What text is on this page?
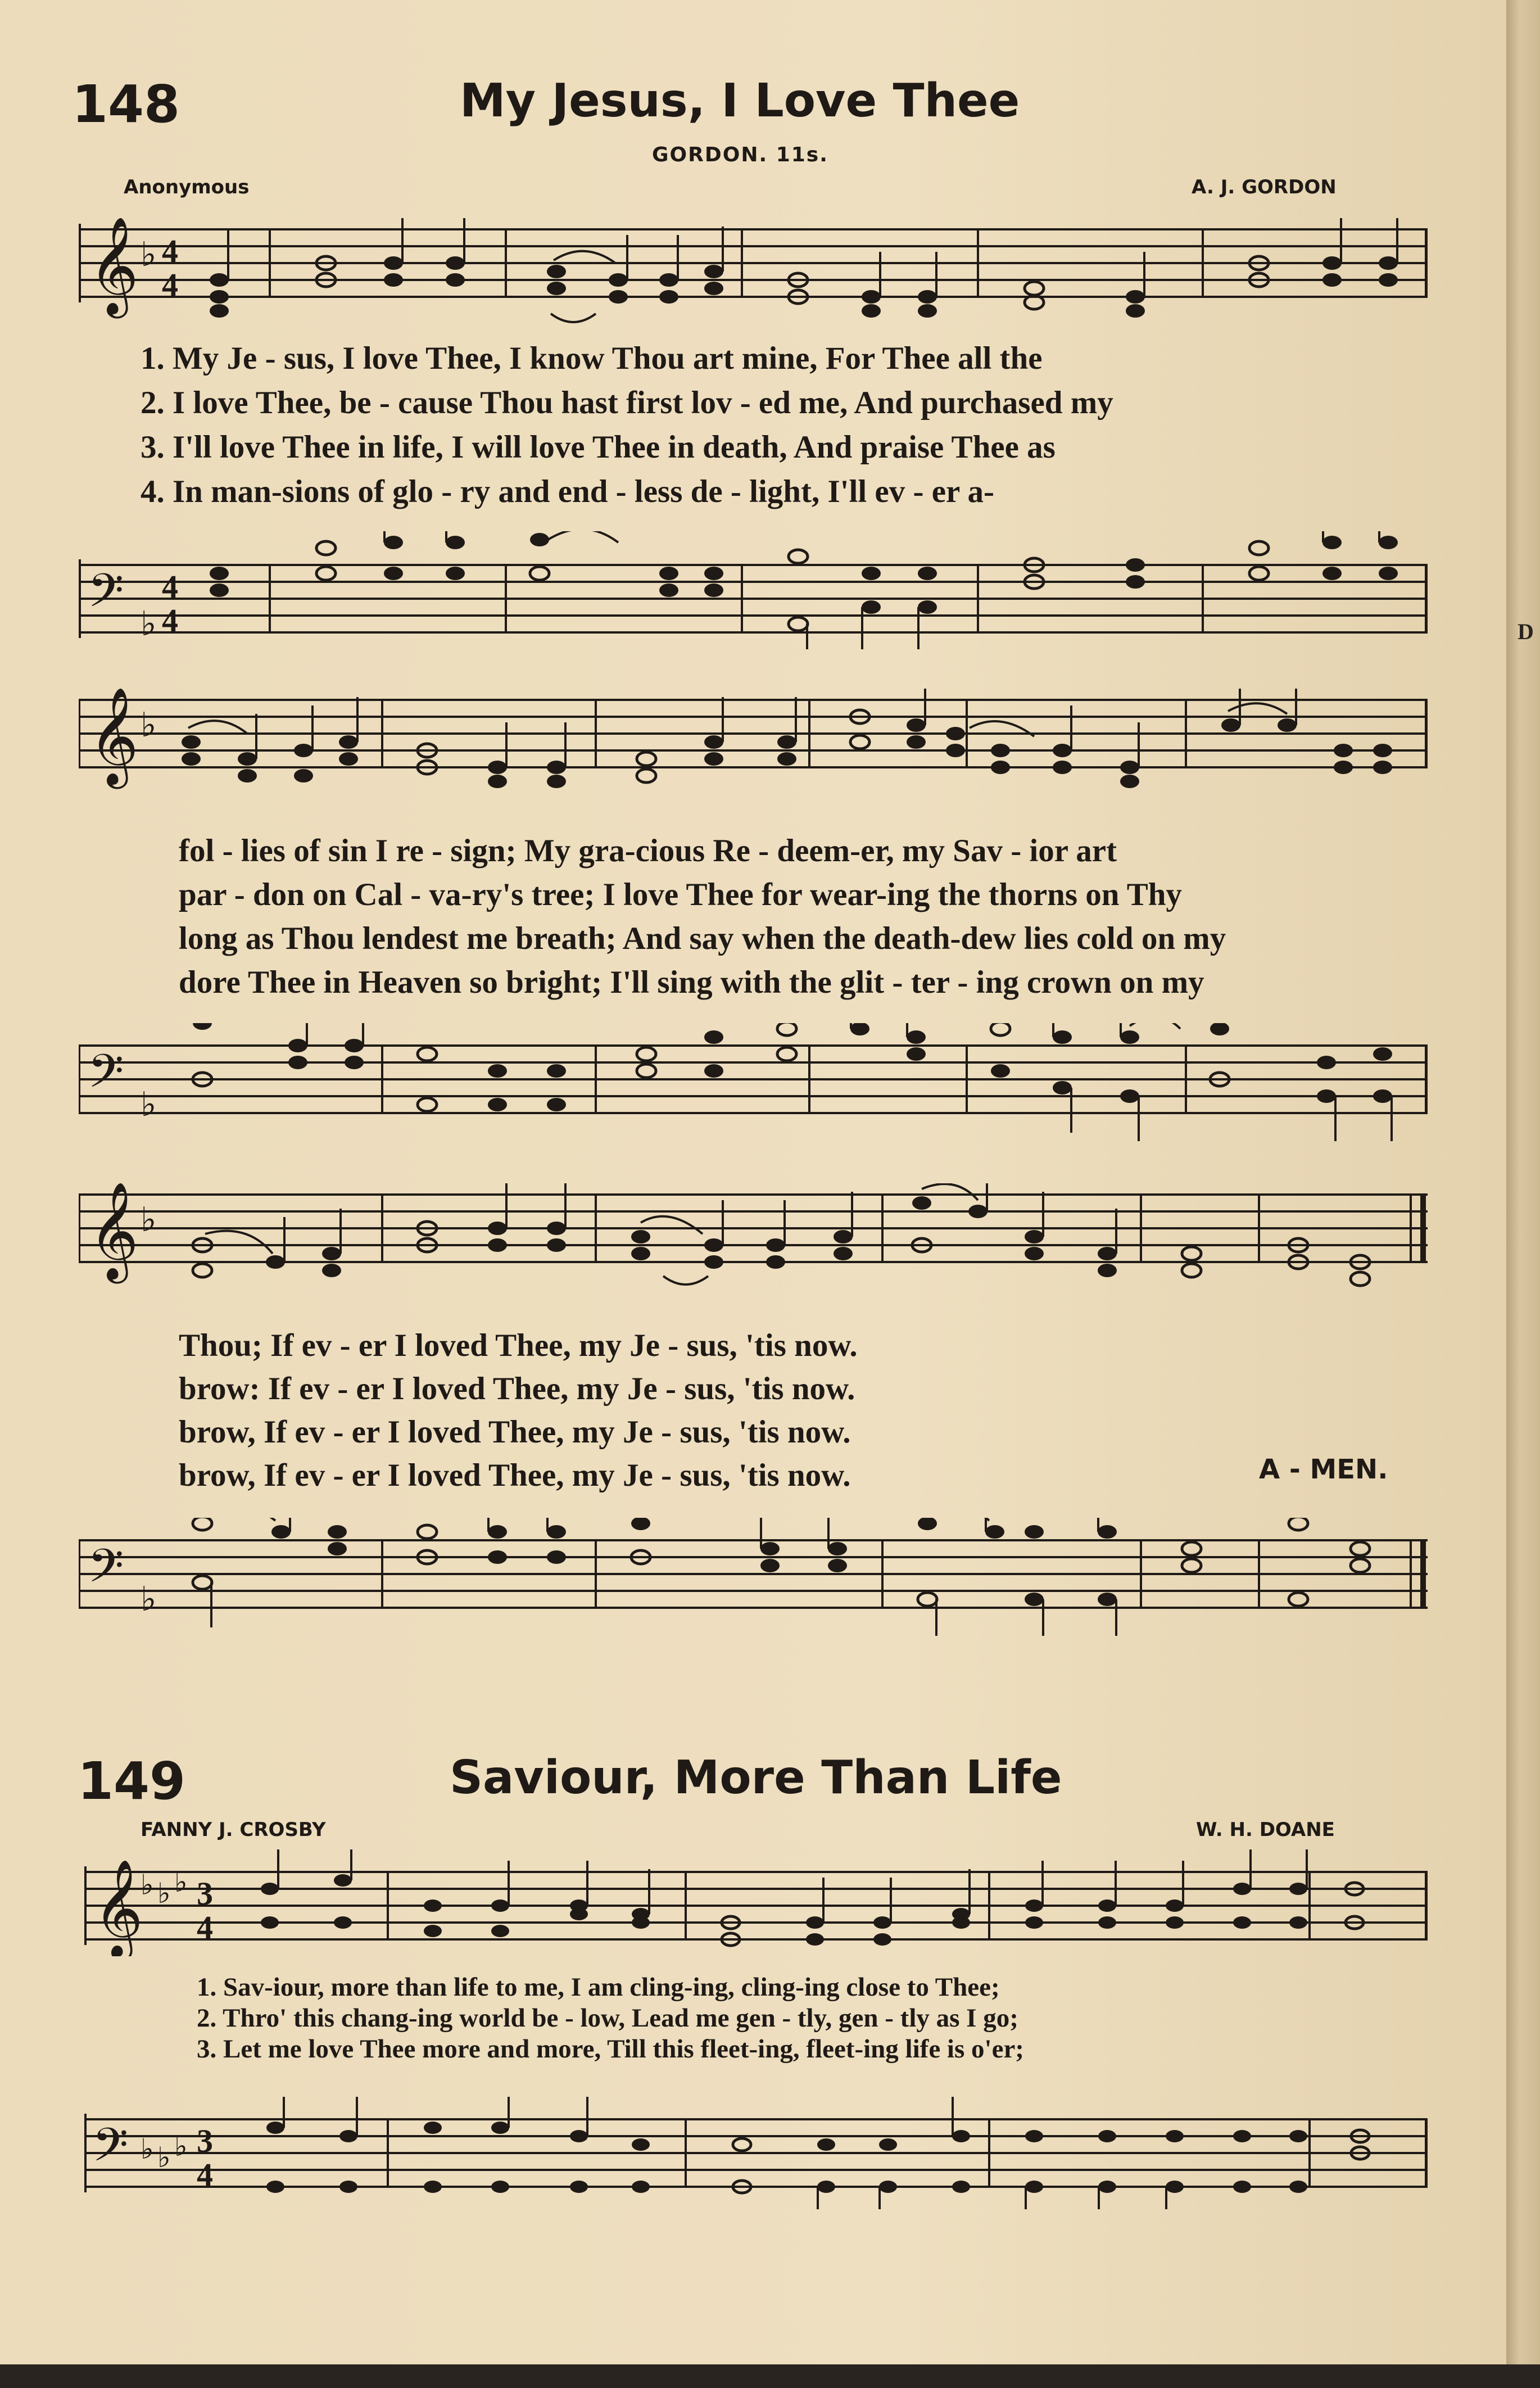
148	My Jesus, I Love Thee
GORDON. 11s.
Anonymous	A. J. GORDON
𝄞 ♭ 4
4
1. My Je - sus, I love Thee, I know Thou art mine, For Thee all the
2. I love Thee, be - cause Thou hast first lov - ed me, And purchased my
3. I'll love Thee in life, I will love Thee in death, And praise Thee as
4. In man-sions of glo - ry and end - less de - light, I'll ev - er a-
𝄢 ♭
4
4
𝄞 ♭
fol - lies of sin I re - sign; My gra-cious Re - deem-er, my Sav - ior art
par - don on Cal - va-ry's tree; I love Thee for wear-ing the thorns on Thy
long as Thou lendest me breath; And say when the death-dew lies cold on my
dore Thee in Heaven so bright; I'll sing with the glit - ter - ing crown on my
𝄢 ♭
𝄞 ♭
Thou; If ev - er I loved Thee, my Je - sus, 'tis now.
brow: If ev - er I loved Thee, my Je - sus, 'tis now.
brow, If ev - er I loved Thee, my Je - sus, 'tis now.
brow, If ev - er I loved Thee, my Je - sus, 'tis now.	A - MEN.
𝄢 ♭
149	Saviour, More Than Life
FANNY J. CROSBY	W. H. DOANE
𝄞
♭ ♭ ♭ 3
4
1. Sav-iour, more than life to me, I am cling-ing, cling-ing close to Thee;
2. Thro' this chang-ing world be - low, Lead me gen - tly, gen - tly as I go;
3. Let me love Thee more and more, Till this fleet-ing, fleet-ing life is o'er;
𝄢 ♭ ♭ ♭ 3
4
D
